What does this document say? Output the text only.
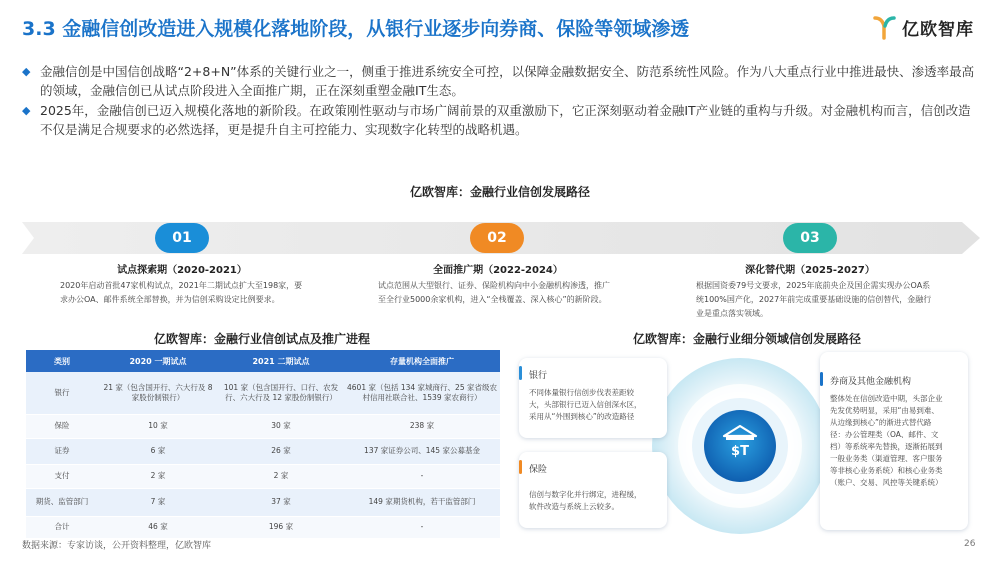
3.3 金融信创改造进入规模化落地阶段，从银行业逐步向券商、保险等领域渗透	亿欧智库
◆ 金融信创是中国信创战略“2+8+N”体系的关键行业之一，侧重于推进系统安全可控，以保障金融数据安全、防范系统性风险。作为八大重点行业中推进最快、渗透率最高的领域，金融信创已从试点阶段进入全面推广期，正在深刻重塑金融IT生态。
◆ 2025年，金融信创已迈入规模化落地的新阶段。在政策刚性驱动与市场广阔前景的双重激励下，它正深刻驱动着金融IT产业链的重构与升级。对金融机构而言，信创改造不仅是满足合规要求的必然选择，更是提升自主可控能力、实现数字化转型的战略机遇。
亿欧智库：金融行业信创发展路径
01	02	03
试点探索期（2020-2021）	全面推广期（2022-2024）	深化替代期（2025-2027）
2020年启动首批47家机构试点，2021年二期试点扩大至198家，要
求办公OA、邮件系统全部替换，并为信创采购设定比例要求。
试点范围从大型银行、证券、保险机构向中小金融机构渗透，推广
至全行业5000余家机构，进入“全栈覆盖、深入核心”的新阶段。
根据国资委79号文要求，2025年底前央企及国企需实现办公OA系
统100%国产化，2027年前完成重要基础设施的信创替代，金融行
业是重点落实领域。
亿欧智库：金融行业信创试点及推广进程
类别	2020 一期试点	2021 二期试点	存量机构全面推广
银行	21 家（包含国开行、六大行及 8 家股份制银行）	101 家（包含国开行、口行、农发行、六大行及 12 家股份制银行）	4601 家（包括 134 家城商行、25 家省级农村信用社联合社、1539 家农商行）
保险	10 家	30 家	238 家
证券	6 家	26 家	137 家证券公司、145 家公募基金
支付	2 家	2 家	-
期货、监管部门	7 家	37 家	149 家期货机构，若干监管部门
合计	46 家	196 家	-
亿欧智库：金融行业细分领域信创发展路径
$T
银行
不同体量银行信创步伐表差距较
大，头部银行已迈入信创深水区，
采用从“外围到核心”的改造路径
保险
信创与数字化并行绑定，进程缓，
软件改造与系统上云较多。
券商及其他金融机构
整体处在信创改造中期，头部企业
先发优势明显，采用“由易到难、
从边缘到核心”的渐进式替代路
径：办公管理类（OA、邮件、文
档）等系统率先替换，逐渐拓展到
一般业务类（渠道管理、客户服务
等非核心业务系统）和核心业务类
（账户、交易、风控等关键系统）
数据来源：专家访谈，公开资料整理，亿欧智库	26
